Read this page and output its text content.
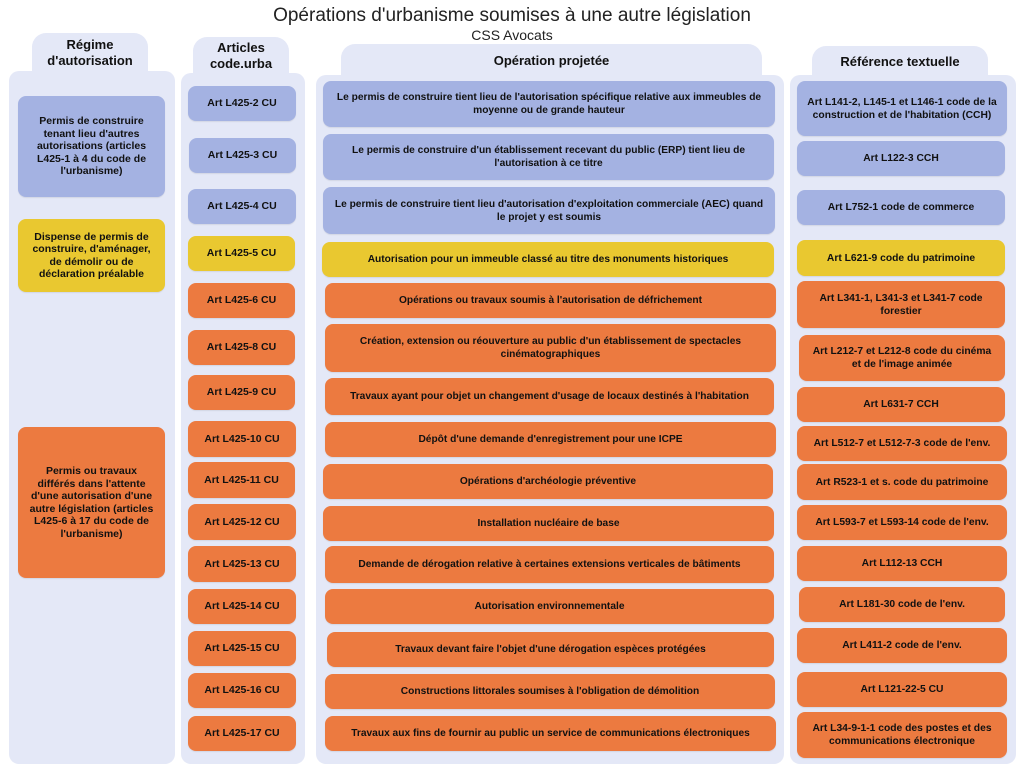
Opérations d'urbanisme soumises à une autre législation
CSS Avocats
Régime d'autorisation
Articles code.urba	Opération projetée	Référence textuelle
Permis de construire tenant lieu d'autres autorisations (articles L425-1 à 4 du code de l'urbanisme)
Dispense de permis de construire, d'aménager, de démolir ou de déclaration préalable
Permis ou travaux différés dans l'attente d'une autorisation d'une autre législation (articles L425-6 à 17 du code de l'urbanisme)
Art L425-2 CU
Art L425-3 CU
Art L425-4 CU
Art L425-5 CU
Art L425-6 CU
Art L425-8 CU
Art L425-9 CU
Art L425-10 CU
Art L425-11 CU
Art L425-12 CU
Art L425-13 CU
Art L425-14 CU
Art L425-15 CU
Art L425-16 CU
Art L425-17 CU
Le permis de construire tient lieu de l'autorisation spécifique relative aux immeubles de moyenne ou de grande hauteur
Le permis de construire d'un établissement recevant du public (ERP) tient lieu de l'autorisation à ce titre
Le permis de construire tient lieu d'autorisation d'exploitation commerciale (AEC) quand le projet y est soumis
Autorisation pour un immeuble classé au titre des monuments historiques
Opérations ou travaux soumis à l'autorisation de défrichement
Création, extension ou réouverture au public d'un établissement de spectacles cinématographiques
Travaux ayant pour objet un changement d'usage de locaux destinés à l'habitation
Dépôt d'une demande d'enregistrement pour une ICPE
Opérations d'archéologie préventive
Installation nucléaire de base
Demande de dérogation relative à certaines extensions verticales de bâtiments
Autorisation environnementale
Travaux devant faire l'objet d'une dérogation espèces protégées
Constructions littorales soumises à l'obligation de démolition
Travaux aux fins de fournir au public un service de communications électroniques
Art L141-2, L145-1 et L146-1 code de la construction et de l'habitation (CCH)
Art L122-3 CCH
Art L752-1 code de commerce
Art L621-9 code du patrimoine
Art L341-1, L341-3 et L341-7 code forestier
Art L212-7 et L212-8 code du cinéma et de l'image animée
Art L631-7 CCH
Art L512-7 et L512-7-3 code de l'env.
Art R523-1 et s. code du patrimoine
Art L593-7 et L593-14 code de l'env.
Art L112-13 CCH
Art L181-30 code de l'env.
Art L411-2 code de l'env.
Art L121-22-5 CU
Art L34-9-1-1 code des postes et des communications électronique
